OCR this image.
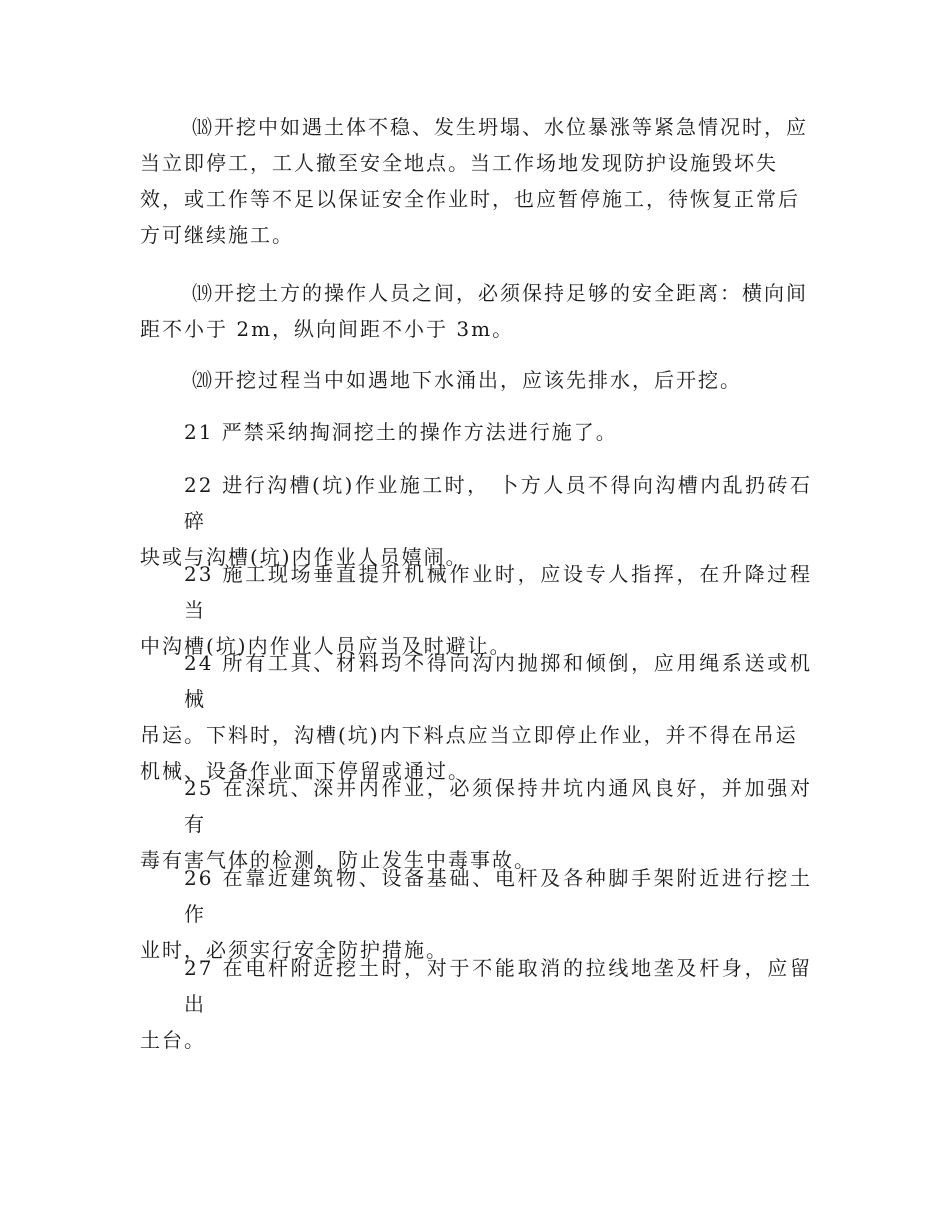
⒅开挖中如遇土体不稳、发生坍塌、水位暴涨等紧急情况时，应
当立即停工，工人撤至安全地点。当工作场地发现防护设施毁坏失
效，或工作等不足以保证安全作业时，也应暂停施工，待恢复正常后
方可继续施工。

⒆开挖土方的操作人员之间，必须保持足够的安全距离：横向间
距不小于 2m，纵向间距不小于 3m。

⒇开挖过程当中如遇地下水涌出，应该先排水，后开挖。

21 严禁采纳掏洞挖土的操作方法进行施了。

22 进行沟槽(坑)作业施工时， 卜方人员不得向沟槽内乱扔砖石碎
块或与沟槽(坑)内作业人员嬉闹。

23 施工现场垂直提升机械作业时，应设专人指挥，在升降过程当
中沟槽(坑)内作业人员应当及时避让。

24 所有工具、材料均不得向沟内抛掷和倾倒，应用绳系送或机械
吊运。下料时，沟槽(坑)内下料点应当立即停止作业，并不得在吊运
机械、设备作业面下停留或通过。

25 在深坑、深井内作业，必须保持井坑内通风良好，并加强对有
毒有害气体的检测，防止发生中毒事故。

26 在靠近建筑物、设备基础、电杆及各种脚手架附近进行挖土作
业时，必须实行安全防护措施。

27 在电杆附近挖土时，对于不能取消的拉线地垄及杆身，应留出
土台。
